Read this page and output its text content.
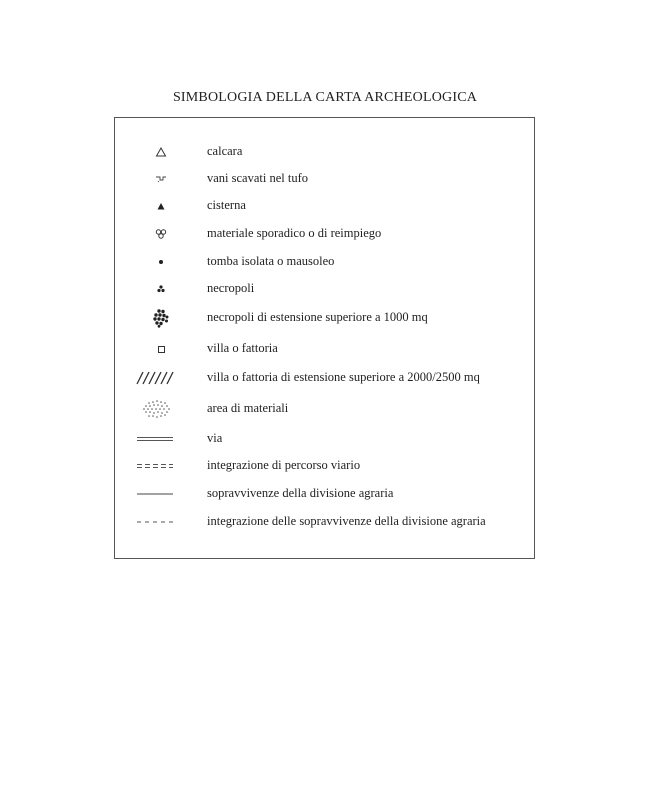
SIMBOLOGIA DELLA CARTA ARCHEOLOGICA
calcara
vani scavati nel tufo
cisterna
materiale sporadico o di reimpiego
tomba isolata o mausoleo
necropoli
necropoli di estensione superiore a 1000 mq
villa o fattoria
villa o fattoria di estensione superiore a 2000/2500 mq
area di materiali
via
integrazione di percorso viario
sopravvivenze della divisione agraria
integrazione delle sopravvivenze della divisione agraria
